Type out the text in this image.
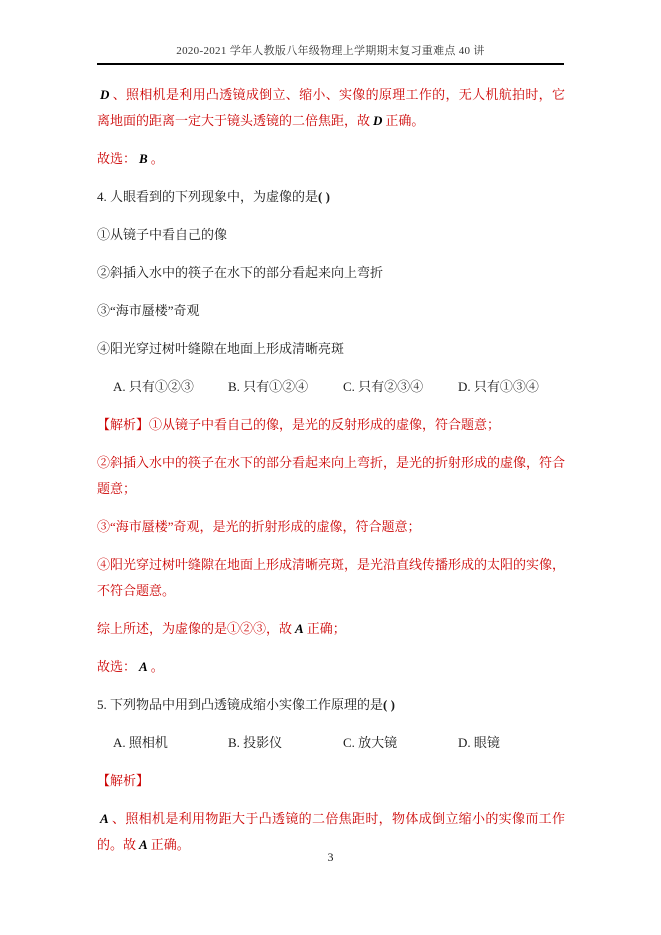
2020-2021 学年人教版八年级物理上学期期末复习重难点 40 讲

D 、照相机是利用凸透镜成倒立、缩小、实像的原理工作的，无人机航拍时，它离地面的距离一定大于镜头透镜的二倍焦距，故 D 正确。

故选： B 。

4. 人眼看到的下列现象中，为虚像的是( )

①从镜子中看自己的像

②斜插入水中的筷子在水下的部分看起来向上弯折

③“海市蜃楼”奇观

④阳光穿过树叶缝隙在地面上形成清晰亮斑

A. 只有①②③	B. 只有①②④	C. 只有②③④	D. 只有①③④

【解析】①从镜子中看自己的像，是光的反射形成的虚像，符合题意；

②斜插入水中的筷子在水下的部分看起来向上弯折，是光的折射形成的虚像，符合题意；

③“海市蜃楼”奇观，是光的折射形成的虚像，符合题意；

④阳光穿过树叶缝隙在地面上形成清晰亮斑，是光沿直线传播形成的太阳的实像，不符合题意。

综上所述，为虚像的是①②③，故 A 正确；

故选： A 。

5. 下列物品中用到凸透镜成缩小实像工作原理的是( )

A. 照相机	B. 投影仪	C. 放大镜	D. 眼镜

【解析】

A 、照相机是利用物距大于凸透镜的二倍焦距时，物体成倒立缩小的实像而工作的。故 A 正确。

3
